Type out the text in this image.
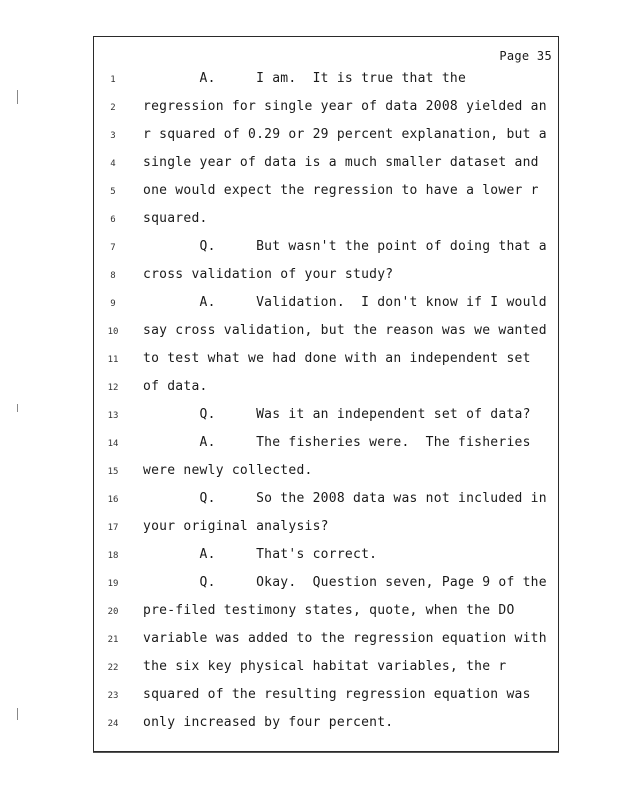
Page 35
1	A.     I am.  It is true that the
2	regression for single year of data 2008 yielded an
3	r squared of 0.29 or 29 percent explanation, but a
4	single year of data is a much smaller dataset and
5	one would expect the regression to have a lower r
6	squared.
7	Q.     But wasn't the point of doing that a
8	cross validation of your study?
9	A.     Validation.  I don't know if I would
10 say cross validation, but the reason was we wanted
11 to test what we had done with an independent set
12 of data.
13 Q.     Was it an independent set of data?
14 A.     The fisheries were.  The fisheries
15 were newly collected.
16 Q.     So the 2008 data was not included in
17 your original analysis?
18 A.     That's correct.
19 Q.     Okay.  Question seven, Page 9 of the
20 pre-filed testimony states, quote, when the DO
21 variable was added to the regression equation with
22 the six key physical habitat variables, the r
23 squared of the resulting regression equation was
24 only increased by four percent.
